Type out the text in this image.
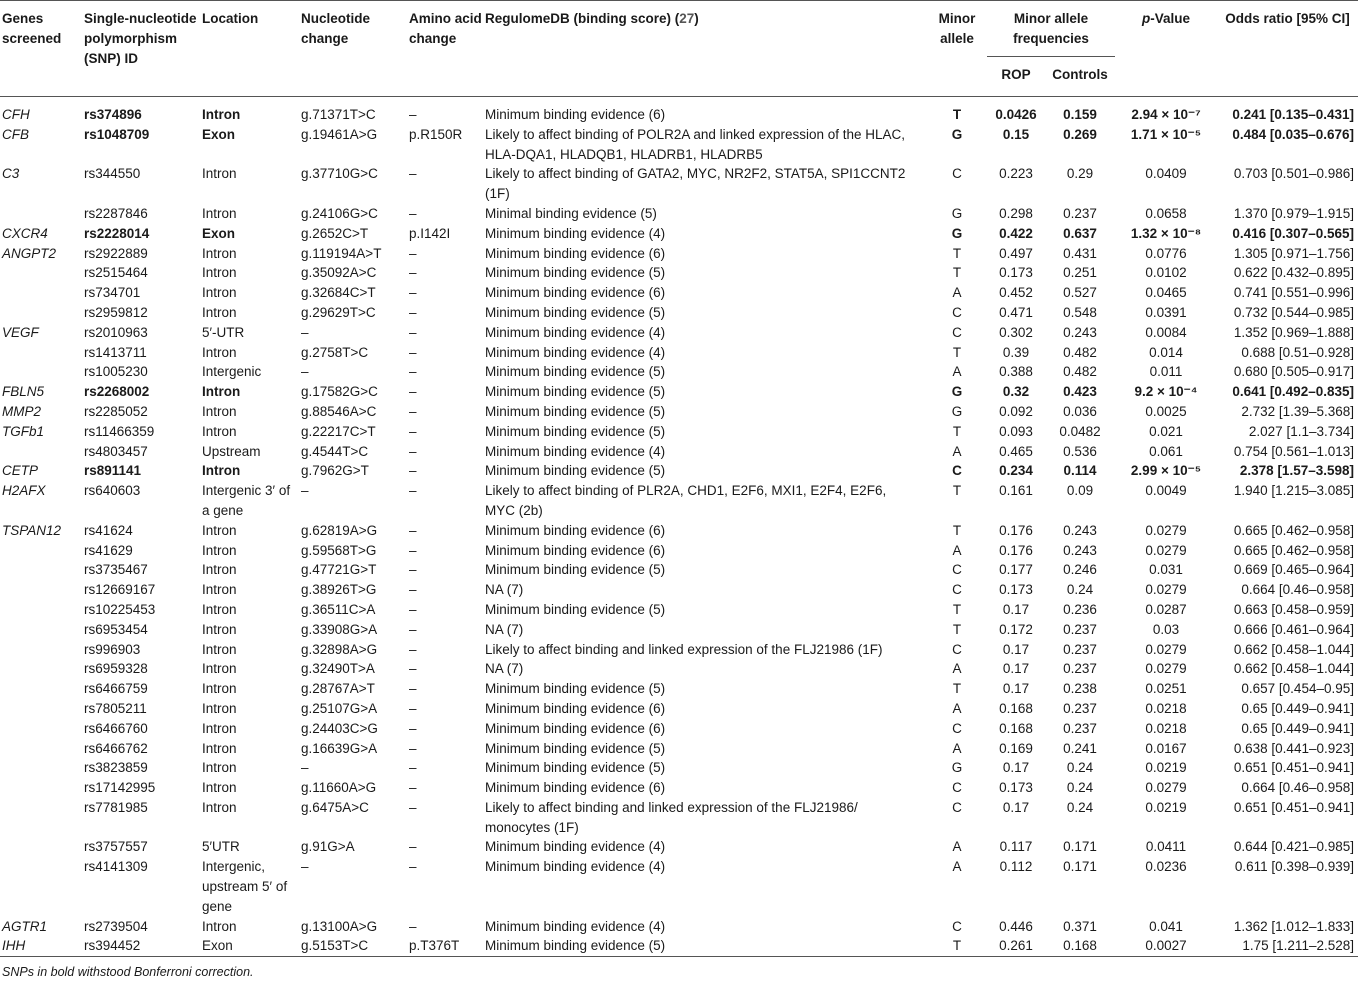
Genes screened	Single-nucleotide polymorphism (SNP) ID	Location	Nucleotide change	Amino acid change	RegulomeDB (binding score) (27)	Minor allele	Minor allele frequencies		p-Value	Odds ratio [95% CI]
							ROP	Controls		
CFH	rs374896	Intron	g.71371T>C	–	Minimum binding evidence (6)	T	0.0426	0.159	2.94 × 10⁻⁷	0.241 [0.135–0.431]
CFB	rs1048709	Exon	g.19461A>G	p.R150R	Likely to affect binding of POLR2A and linked expression of the HLAC, HLA-DQA1, HLADQB1, HLADRB1, HLADRB5	G	0.15	0.269	1.71 × 10⁻⁵	0.484 [0.035–0.676]
C3	rs344550	Intron	g.37710G>C	–	Likely to affect binding of GATA2, MYC, NR2F2, STAT5A, SPI1CCNT2 (1F)	C	0.223	0.29	0.0409	0.703 [0.501–0.986]
	rs2287846	Intron	g.24106G>C	–	Minimal binding evidence (5)	G	0.298	0.237	0.0658	1.370 [0.979–1.915]
CXCR4	rs2228014	Exon	g.2652C>T	p.I142I	Minimum binding evidence (4)	G	0.422	0.637	1.32 × 10⁻⁸	0.416 [0.307–0.565]
ANGPT2	rs2922889	Intron	g.119194A>T	–	Minimum binding evidence (6)	T	0.497	0.431	0.0776	1.305 [0.971–1.756]
	rs2515464	Intron	g.35092A>C	–	Minimum binding evidence (5)	T	0.173	0.251	0.0102	0.622 [0.432–0.895]
	rs734701	Intron	g.32684C>T	–	Minimum binding evidence (6)	A	0.452	0.527	0.0465	0.741 [0.551–0.996]
	rs2959812	Intron	g.29629T>C	–	Minimum binding evidence (5)	C	0.471	0.548	0.0391	0.732 [0.544–0.985]
VEGF	rs2010963	5′-UTR	–	–	Minimum binding evidence (4)	C	0.302	0.243	0.0084	1.352 [0.969–1.888]
	rs1413711	Intron	g.2758T>C	–	Minimum binding evidence (4)	T	0.39	0.482	0.014	0.688 [0.51–0.928]
	rs1005230	Intergenic	–	–	Minimum binding evidence (5)	A	0.388	0.482	0.011	0.680 [0.505–0.917]
FBLN5	rs2268002	Intron	g.17582G>C	–	Minimum binding evidence (5)	G	0.32	0.423	9.2 × 10⁻⁴	0.641 [0.492–0.835]
MMP2	rs2285052	Intron	g.88546A>C	–	Minimum binding evidence (5)	G	0.092	0.036	0.0025	2.732 [1.39–5.368]
TGFb1	rs11466359	Intron	g.22217C>T	–	Minimum binding evidence (5)	T	0.093	0.0482	0.021	2.027 [1.1–3.734]
	rs4803457	Upstream	g.4544T>C	–	Minimum binding evidence (4)	A	0.465	0.536	0.061	0.754 [0.561–1.013]
CETP	rs891141	Intron	g.7962G>T	–	Minimum binding evidence (5)	C	0.234	0.114	2.99 × 10⁻⁵	2.378 [1.57–3.598]
H2AFX	rs640603	Intergenic 3′ of a gene	–	–	Likely to affect binding of PLR2A, CHD1, E2F6, MXI1, E2F4, E2F6, MYC (2b)	T	0.161	0.09	0.0049	1.940 [1.215–3.085]
TSPAN12	rs41624	Intron	g.62819A>G	–	Minimum binding evidence (6)	T	0.176	0.243	0.0279	0.665 [0.462–0.958]
	rs41629	Intron	g.59568T>G	–	Minimum binding evidence (6)	A	0.176	0.243	0.0279	0.665 [0.462–0.958]
	rs3735467	Intron	g.47721G>T	–	Minimum binding evidence (5)	C	0.177	0.246	0.031	0.669 [0.465–0.964]
	rs12669167	Intron	g.38926T>G	–	NA (7)	C	0.173	0.24	0.0279	0.664 [0.46–0.958]
	rs10225453	Intron	g.36511C>A	–	Minimum binding evidence (5)	T	0.17	0.236	0.0287	0.663 [0.458–0.959]
	rs6953454	Intron	g.33908G>A	–	NA (7)	T	0.172	0.237	0.03	0.666 [0.461–0.964]
	rs996903	Intron	g.32898A>G	–	Likely to affect binding and linked expression of the FLJ21986 (1F)	C	0.17	0.237	0.0279	0.662 [0.458–1.044]
	rs6959328	Intron	g.32490T>A	–	NA (7)	A	0.17	0.237	0.0279	0.662 [0.458–1.044]
	rs6466759	Intron	g.28767A>T	–	Minimum binding evidence (5)	T	0.17	0.238	0.0251	0.657 [0.454–0.95]
	rs7805211	Intron	g.25107G>A	–	Minimum binding evidence (6)	A	0.168	0.237	0.0218	0.65 [0.449–0.941]
	rs6466760	Intron	g.24403C>G	–	Minimum binding evidence (6)	C	0.168	0.237	0.0218	0.65 [0.449–0.941]
	rs6466762	Intron	g.16639G>A	–	Minimum binding evidence (5)	A	0.169	0.241	0.0167	0.638 [0.441–0.923]
	rs3823859	Intron	–	–	Minimum binding evidence (5)	G	0.17	0.24	0.0219	0.651 [0.451–0.941]
	rs17142995	Intron	g.11660A>G	–	Minimum binding evidence (6)	C	0.173	0.24	0.0279	0.664 [0.46–0.958]
	rs7781985	Intron	g.6475A>C	–	Likely to affect binding and linked expression of the FLJ21986/ monocytes (1F)	C	0.17	0.24	0.0219	0.651 [0.451–0.941]
	rs3757557	5′UTR	g.91G>A	–	Minimum binding evidence (4)	A	0.117	0.171	0.0411	0.644 [0.421–0.985]
	rs4141309	Intergenic, upstream 5′ of gene	–	–	Minimum binding evidence (4)	A	0.112	0.171	0.0236	0.611 [0.398–0.939]
AGTR1	rs2739504	Intron	g.13100A>G	–	Minimum binding evidence (4)	C	0.446	0.371	0.041	1.362 [1.012–1.833]
IHH	rs394452	Exon	g.5153T>C	p.T376T	Minimum binding evidence (5)	T	0.261	0.168	0.0027	1.75 [1.211–2.528]
SNPs in bold withstood Bonferroni correction.										
